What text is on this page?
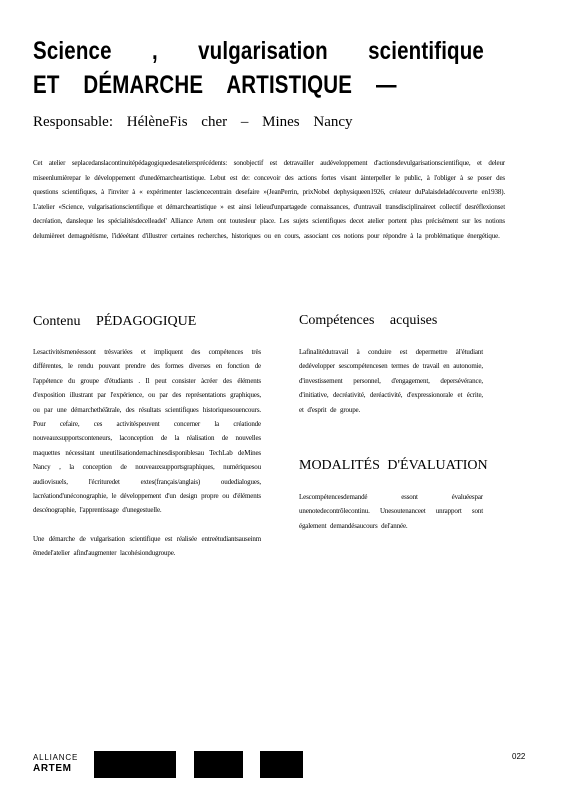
Science , vulgarisation scientifique
ET DÉMARCHE ARTISTIQUE —
Responsable: HélèneFis cher – Mines Nancy
Cet atelier seplacedanslacontinuitépédagogiquedesateliersprécédents: sonobjectif est detravailler audéveloppement d'actionsdevulgarisationscientifique, et deleur miseenlumièrepar le développement d'unedémarcheartistique. Lebut est de: concevoir des actions fortes visant àinterpeller le public, à l'obliger à se poser des questions scientifiques, à l'inviter à « expérimenter lasciencecentrain desefaire »(JeanPerrin, prixNobel dephysiqueen1926, créateur duPalaisdeladécouverte en1938). L'atelier «Science, vulgarisationscientifique et démarcheartistique » est ainsi lelieud'unpartagede connaissances, d'untravail transdisciplinaireet collectif desréflexionset decréation, dansleque les spécialitésdecelleadel' Alliance Artem ont toutesleur place. Les sujets scientifiques decet atelier portent plus précisément sur les notions delumièreet demagnétisme, l'idéeétant d'illustrer certaines recherches, historiques ou en cours, associant ces notions pour répondre à la problématique énergétique.
Contenu PÉDAGOGIQUE

Lesactivitésmenéessont trèsvariées et impliquent des compétences très différentes, le rendu pouvant prendre des formes diverses en fonction de l'appétence du groupe d'étudiants . Il peut consister àcréer des éléments d'exposition illustrant par l'expérience, ou par des représentations graphiques, ou par une démarchethéâtrale, des résultats scientifiques historiquesouencours. Pour cefaire, ces activitéspeuvent concerner la créationde nouveauxsupportsconteneurs, laconception de la réalisation de nouvelles maquettes nécessitant uneutilisationdemachinesdisponiblesau TechLab deMines Nancy , la conception de nouveauxsupportsgraphiques, numériquesou audiovisuels, l'écrituredet extes(français/anglais) oudedialogues, lacréationd'unéconographie, le développement d'un design propre ou d'éléments descénographie, l'apprentissage d'unegestuelle.

Une démarche de vulgarisation scientifique est réalisée entreétudiantsauseinm êmedel'atelier afind'augmenter lacohésiondugroupe.

Compétences acquises
Lafinalitédutravail à conduire est depermettre àl'étudiant dedévelopper sescompétencesen termes de travail en autonomie, d'investissement personnel, d'engagement, depersévérance, d'initiative, decréativité, deréactivité, d'expressionorale et écrite, et d'esprit de groupe.
MODALITÉS D'ÉVALUATION
Lescompétencesdemandé essont évaluéespar unenotedecontrôlecontinu. Unesoutenanceet unrapport sont également demandésaucours del'année.
ALLIANCE
ARTEM
022
